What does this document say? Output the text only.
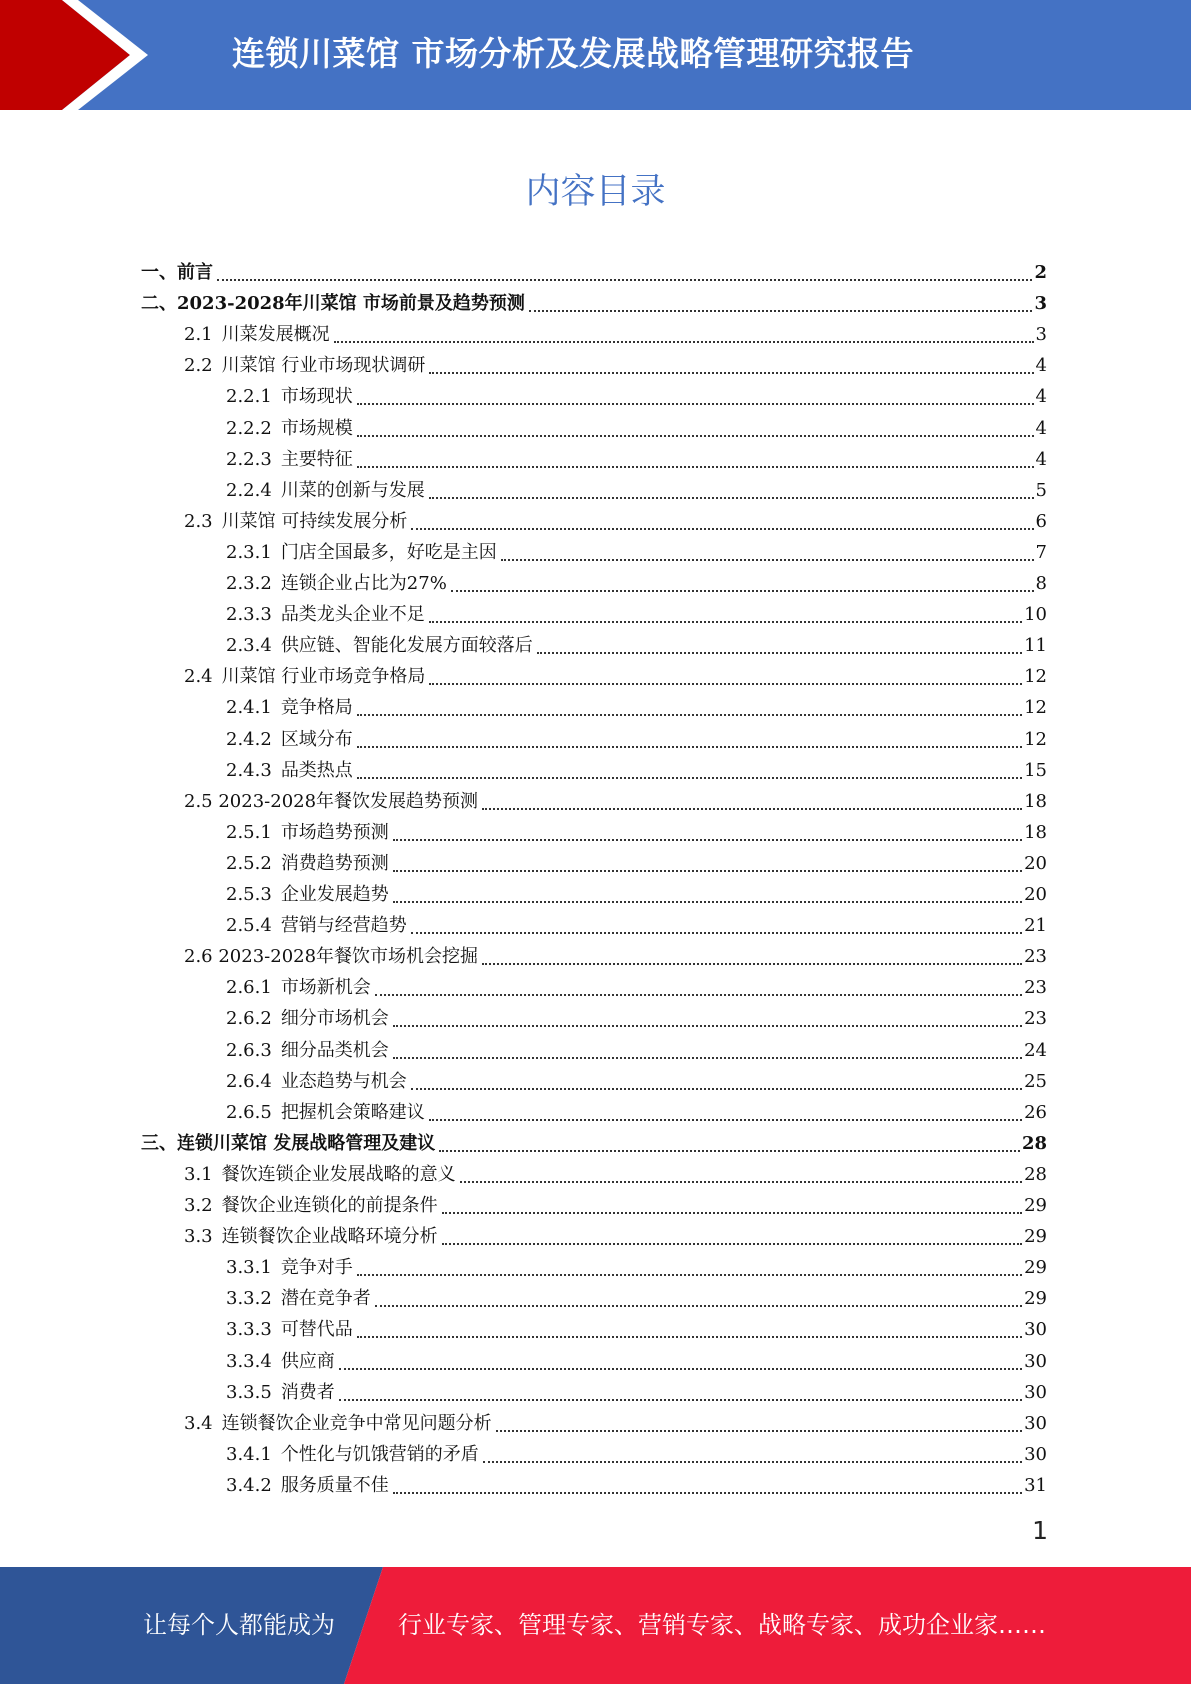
连锁川菜馆 市场分析及发展战略管理研究报告
内容目录
一、前言	2
二、2023-2028年川菜馆 市场前景及趋势预测	3
2.1 川菜发展概况	3
2.2 川菜馆 行业市场现状调研	4
2.2.1 市场现状	4
2.2.2 市场规模	4
2.2.3 主要特征	4
2.2.4 川菜的创新与发展	5
2.3 川菜馆 可持续发展分析	6
2.3.1 门店全国最多，好吃是主因	7
2.3.2 连锁企业占比为27%	8
2.3.3 品类龙头企业不足	10
2.3.4 供应链、智能化发展方面较落后	11
2.4 川菜馆 行业市场竞争格局	12
2.4.1 竞争格局	12
2.4.2 区域分布	12
2.4.3 品类热点	15
2.5 2023-2028年餐饮发展趋势预测	18
2.5.1 市场趋势预测	18
2.5.2 消费趋势预测	20
2.5.3 企业发展趋势	20
2.5.4 营销与经营趋势	21
2.6 2023-2028年餐饮市场机会挖掘	23
2.6.1 市场新机会	23
2.6.2 细分市场机会	23
2.6.3 细分品类机会	24
2.6.4 业态趋势与机会	25
2.6.5 把握机会策略建议	26
三、连锁川菜馆 发展战略管理及建议	28
3.1 餐饮连锁企业发展战略的意义	28
3.2 餐饮企业连锁化的前提条件	29
3.3 连锁餐饮企业战略环境分析	29
3.3.1 竞争对手	29
3.3.2 潜在竞争者	29
3.3.3 可替代品	30
3.3.4 供应商	30
3.3.5 消费者	30
3.4 连锁餐饮企业竞争中常见问题分析	30
3.4.1 个性化与饥饿营销的矛盾	30
3.4.2 服务质量不佳	31
1
让每个人都能成为	行业专家、管理专家、营销专家、战略专家、成功企业家……
